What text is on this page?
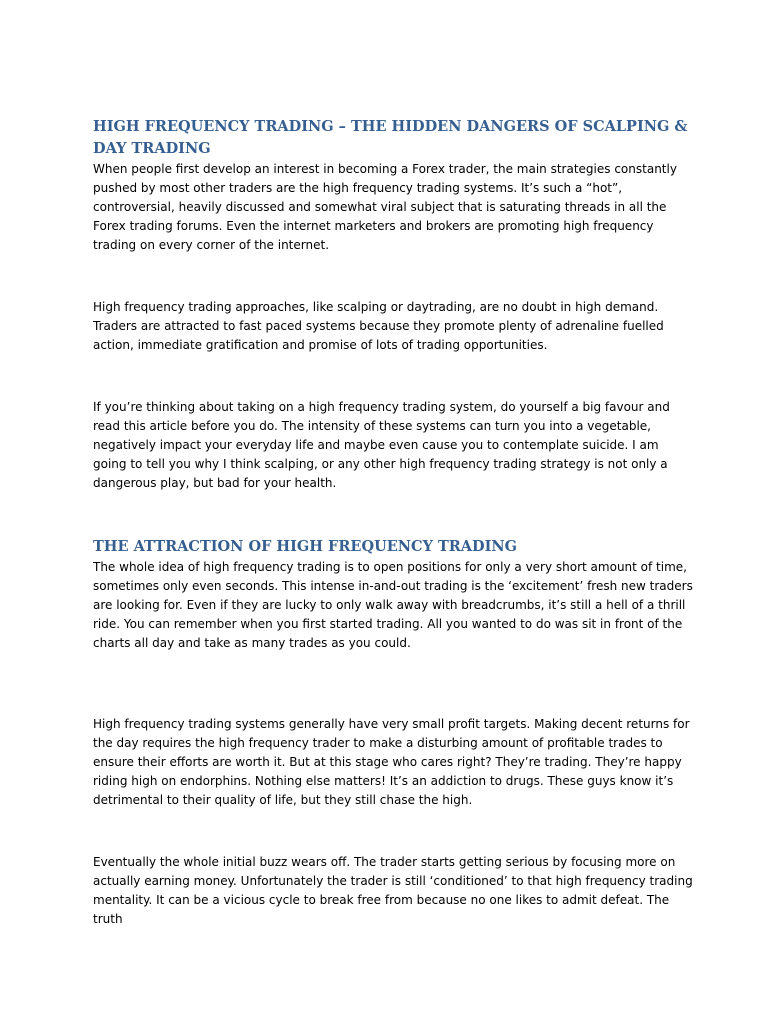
HIGH FREQUENCY TRADING – THE HIDDEN DANGERS OF SCALPING & DAY TRADING

When people first develop an interest in becoming a Forex trader, the main strategies constantly pushed by most other traders are the high frequency trading systems. It’s such a “hot”, controversial, heavily discussed and somewhat viral subject that is saturating threads in all the Forex trading forums. Even the internet marketers and brokers are promoting high frequency trading on every corner of the internet.

High frequency trading approaches, like scalping or daytrading, are no doubt in high demand. Traders are attracted to fast paced systems because they promote plenty of adrenaline fuelled action, immediate gratification and promise of lots of trading opportunities.

If you’re thinking about taking on a high frequency trading system, do yourself a big favour and read this article before you do. The intensity of these systems can turn you into a vegetable, negatively impact your everyday life and maybe even cause you to contemplate suicide. I am going to tell you why I think scalping, or any other high frequency trading strategy is not only a dangerous play, but bad for your health.

THE ATTRACTION OF HIGH FREQUENCY TRADING

The whole idea of high frequency trading is to open positions for only a very short amount of time, sometimes only even seconds. This intense in-and-out trading is the ‘excitement’ fresh new traders are looking for. Even if they are lucky to only walk away with breadcrumbs, it’s still a hell of a thrill ride. You can remember when you first started trading. All you wanted to do was sit in front of the charts all day and take as many trades as you could.

High frequency trading systems generally have very small profit targets. Making decent returns for the day requires the high frequency trader to make a disturbing amount of profitable trades to ensure their efforts are worth it. But at this stage who cares right? They’re trading. They’re happy riding high on endorphins. Nothing else matters! It’s an addiction to drugs. These guys know it’s detrimental to their quality of life, but they still chase the high.

Eventually the whole initial buzz wears off. The trader starts getting serious by focusing more on actually earning money. Unfortunately the trader is still ‘conditioned’ to that high frequency trading mentality. It can be a vicious cycle to break free from because no one likes to admit defeat. The truth
